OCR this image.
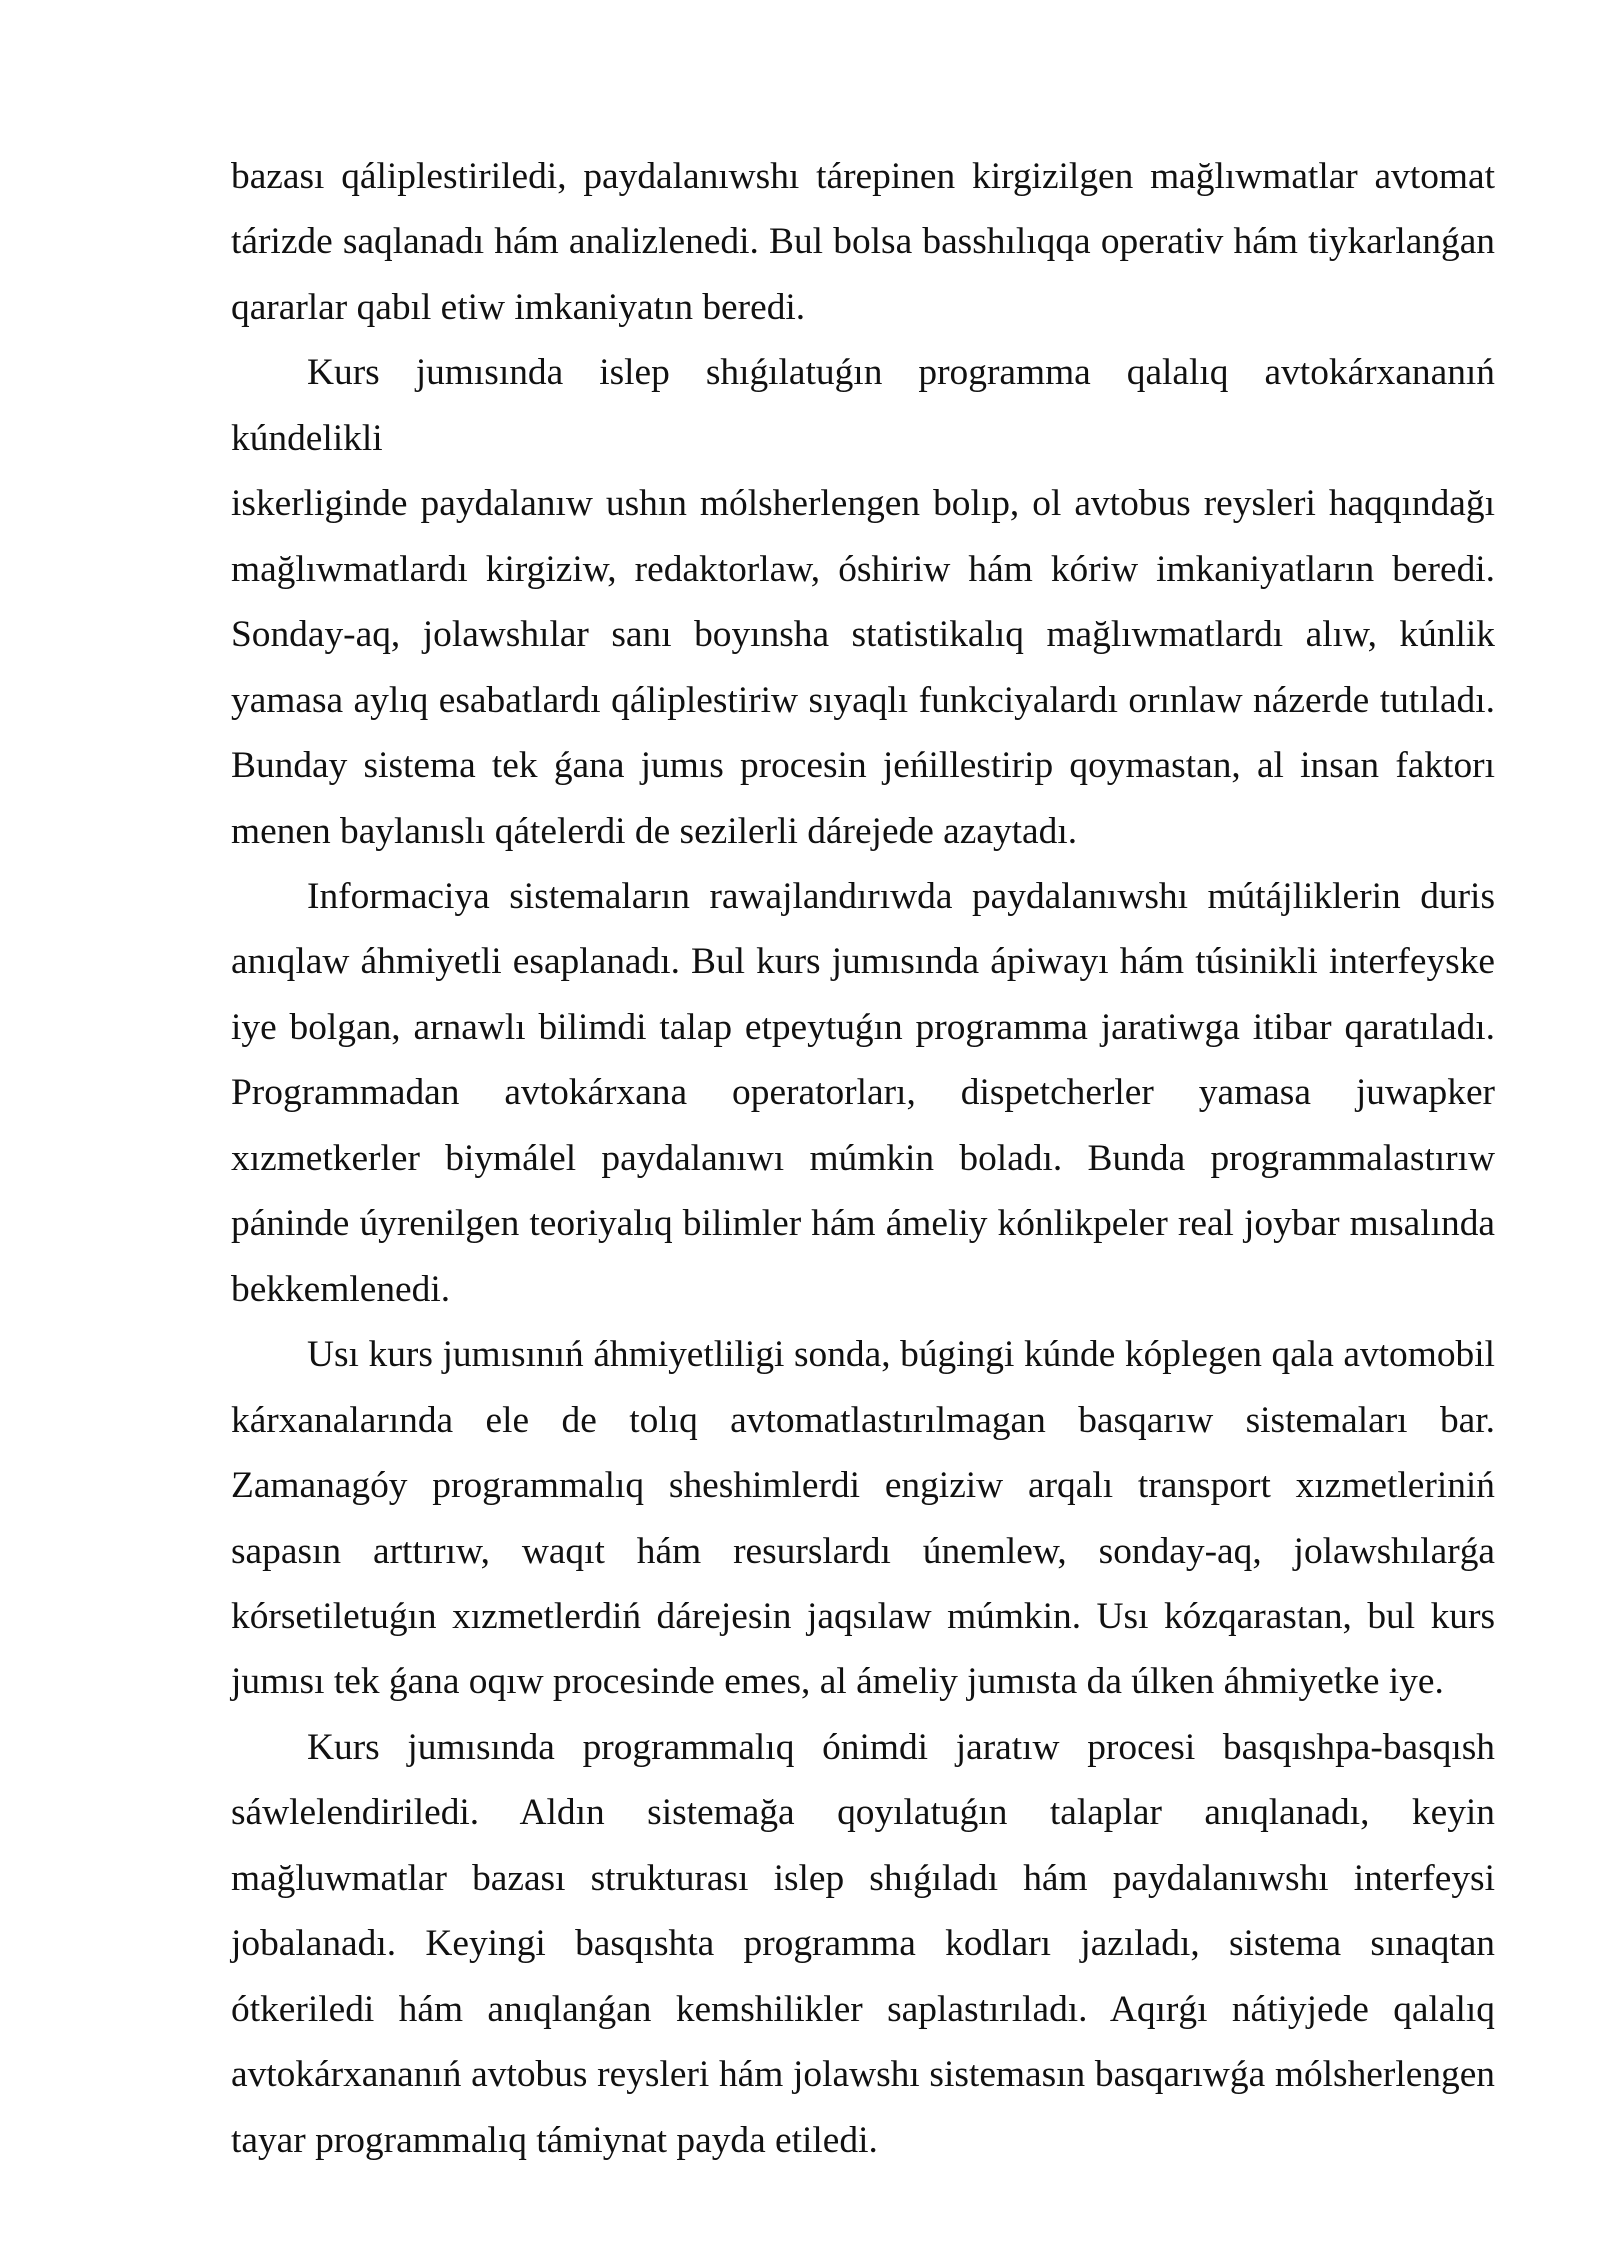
bazası qáliplestiriledi, paydalanıwshı tárepinen kirgizilgen mağlıwmatlar avtomat
tárizde saqlanadı hám analizlenedi. Bul bolsa basshılıqqa operativ hám tiykarlanǵan
qararlar qabıl etiw imkaniyatın beredi.
Kurs jumısında islep shıǵılatuǵın programma qalalıq avtokárxananıń kúndelikli
iskerliginde paydalanıw ushın mólsherlengen bolıp, ol avtobus reysleri haqqındağı
mağlıwmatlardı kirgiziw, redaktorlaw, óshiriw hám kóriw imkaniyatların beredi.
Sonday-aq, jolawshılar sanı boyınsha statistikalıq mağlıwmatlardı alıw, kúnlik
yamasa aylıq esabatlardı qáliplestiriw sıyaqlı funkciyalardı orınlaw názerde tutıladı.
Bunday sistema tek ǵana jumıs procesin jeńillestirip qoymastan, al insan faktorı
menen baylanıslı qátelerdi de sezilerli dárejede azaytadı.
Informaciya sistemaların rawajlandırıwda paydalanıwshı mútájliklerin duris
anıqlaw áhmiyetli esaplanadı. Bul kurs jumısında ápiwayı hám túsinikli interfeyske
iye bolgan, arnawlı bilimdi talap etpeytuǵın programma jaratiwga itibar qaratıladı.
Programmadan avtokárxana operatorları, dispetcherler yamasa juwapker
xızmetkerler biymálel paydalanıwı múmkin boladı. Bunda programmalastırıw
páninde úyrenilgen teoriyalıq bilimler hám ámeliy kónlikpeler real joybar mısalında
bekkemlenedi.
Usı kurs jumısınıń áhmiyetliligi sonda, búgingi kúnde kóplegen qala avtomobil
kárxanalarında ele de tolıq avtomatlastırılmagan basqarıw sistemaları bar.
Zamanagóy programmalıq sheshimlerdi engiziw arqalı transport xızmetleriniń
sapasın arttırıw, waqıt hám resurslardı únemlew, sonday-aq, jolawshılarǵa
kórsetiletuǵın xızmetlerdiń dárejesin jaqsılaw múmkin. Usı kózqarastan, bul kurs
jumısı tek ǵana oqıw procesinde emes, al ámeliy jumısta da úlken áhmiyetke iye.
Kurs jumısında programmalıq ónimdi jaratıw procesi basqıshpa-basqısh
sáwlelendiriledi. Aldın sistemağa qoyılatuǵın talaplar anıqlanadı, keyin
mağluwmatlar bazası strukturası islep shıǵıladı hám paydalanıwshı interfeysi
jobalanadı. Keyingi basqıshta programma kodları jazıladı, sistema sınaqtan
ótkeriledi hám anıqlanǵan kemshilikler saplastırıladı. Aqırǵı nátiyjede qalalıq
avtokárxananıń avtobus reysleri hám jolawshı sistemasın basqarıwǵa mólsherlengen
tayar programmalıq támiynat payda etiledi.
